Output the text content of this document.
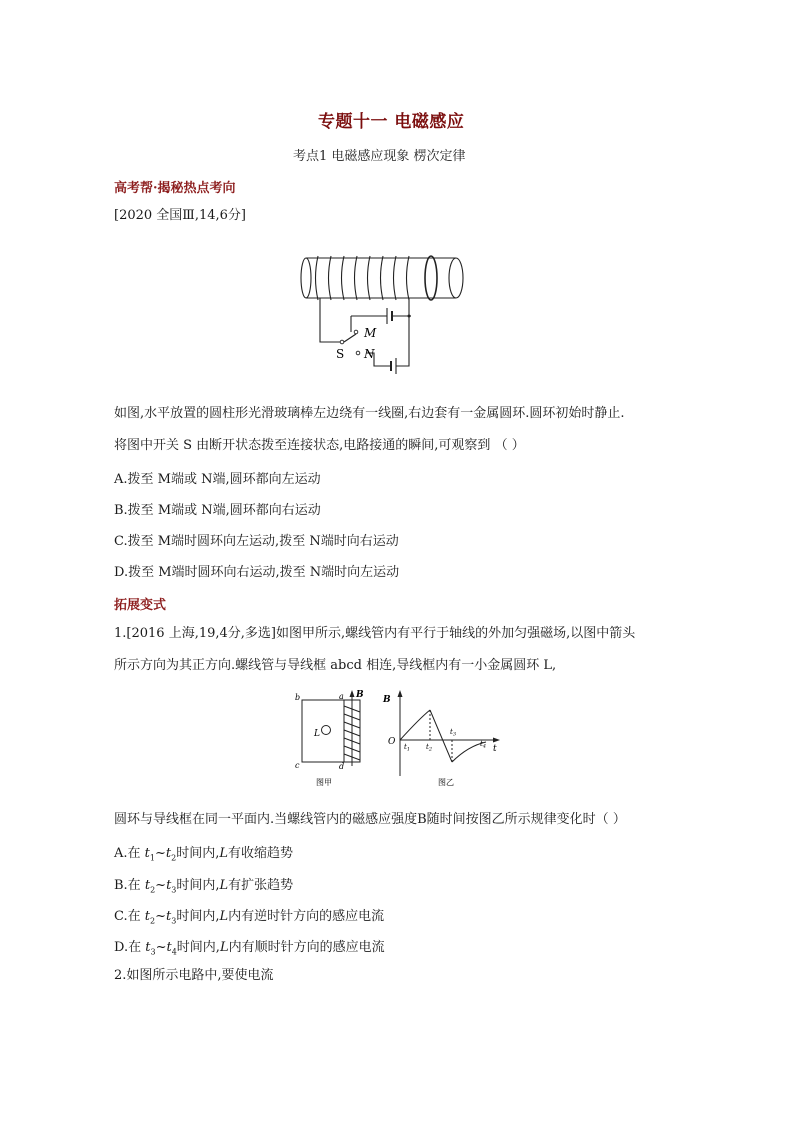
专题十一 电磁感应
考点1 电磁感应现象 楞次定律
高考帮·揭秘热点考向
[2020 全国Ⅲ,14,6分]
M
N
S
如图,水平放置的圆柱形光滑玻璃棒左边绕有一线圈,右边套有一金属圆环.圆环初始时静止.
将图中开关 S 由断开状态拨至连接状态,电路接通的瞬间,可观察到 （ ）
A.拨至 M端或 N端,圆环都向左运动
B.拨至 M端或 N端,圆环都向右运动
C.拨至 M端时圆环向左运动,拨至 N端时向右运动
D.拨至 M端时圆环向右运动,拨至 N端时向左运动
拓展变式
1.[2016 上海,19,4分,多选]如图甲所示,螺线管内有平行于轴线的外加匀强磁场,以图中箭头
所示方向为其正方向.螺线管与导线框 abcd 相连,导线框内有一小金属圆环 L,
b	a
c	d
B
L
图甲
B
O
t
$t_1$ $t_2$
$t_3$
$t_4$
图乙
圆环与导线框在同一平面内.当螺线管内的磁感应强度B随时间按图乙所示规律变化时（ ）
A.在 $t_1\sim t_2$时间内,L有收缩趋势
B.在 $t_2\sim t_3$时间内,L有扩张趋势
C.在 $t_2\sim t_3$时间内,L内有逆时针方向的感应电流
D.在 $t_3\sim t_4$时间内,L内有顺时针方向的感应电流
2.如图所示电路中,要使电流
